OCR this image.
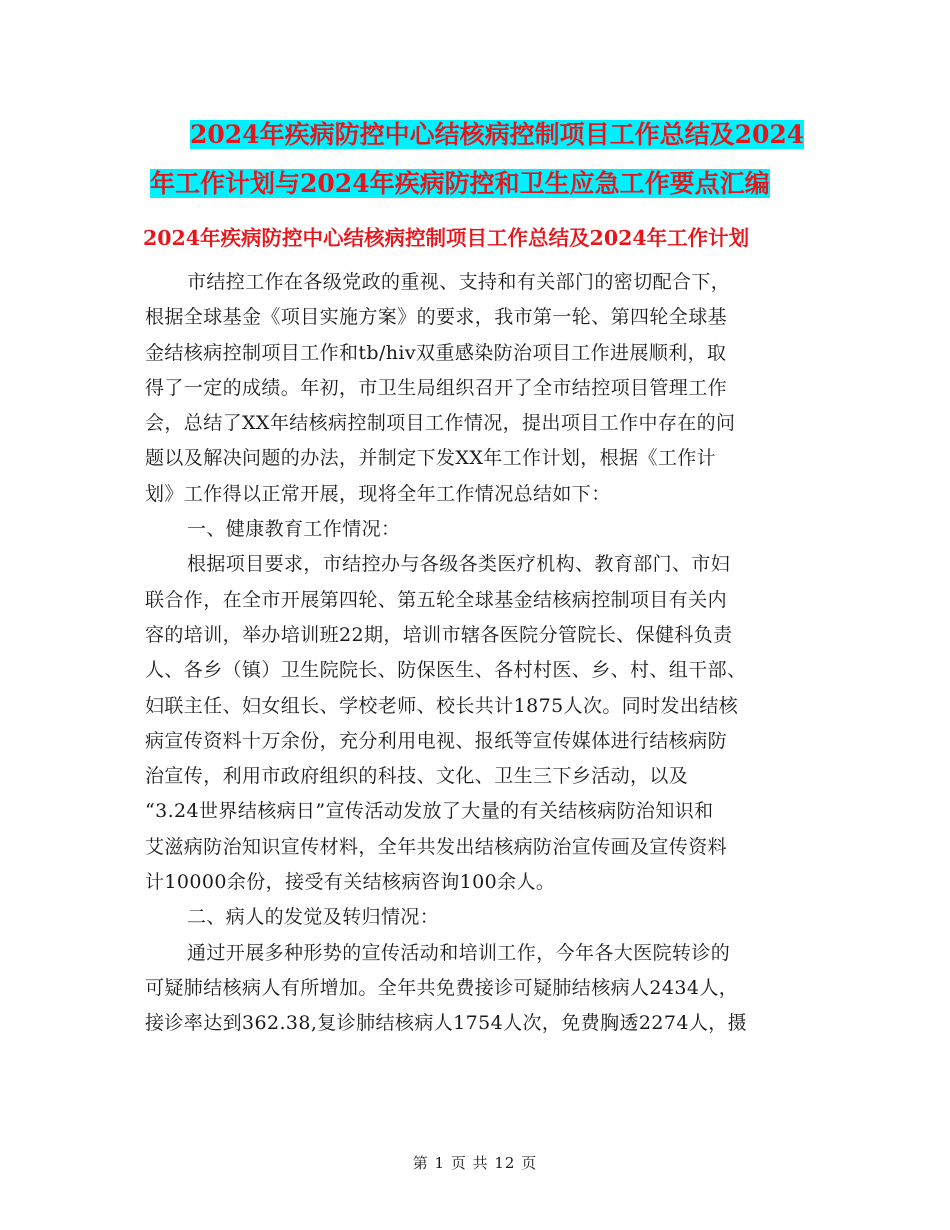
2024年疾病防控中心结核病控制项目工作总结及2024
年工作计划与2024年疾病防控和卫生应急工作要点汇编
2024年疾病防控中心结核病控制项目工作总结及2024年工作计划
市结控工作在各级党政的重视、支持和有关部门的密切配合下，
根据全球基金《项目实施方案》的要求，我市第一轮、第四轮全球基
金结核病控制项目工作和tb/hiv双重感染防治项目工作进展顺利，取
得了一定的成绩。年初，市卫生局组织召开了全市结控项目管理工作
会，总结了XX年结核病控制项目工作情况，提出项目工作中存在的问
题以及解决问题的办法，并制定下发XX年工作计划，根据《工作计
划》工作得以正常开展，现将全年工作情况总结如下：
一、健康教育工作情况：
根据项目要求，市结控办与各级各类医疗机构、教育部门、市妇
联合作，在全市开展第四轮、第五轮全球基金结核病控制项目有关内
容的培训，举办培训班22期，培训市辖各医院分管院长、保健科负责
人、各乡（镇）卫生院院长、防保医生、各村村医、乡、村、组干部、
妇联主任、妇女组长、学校老师、校长共计1875人次。同时发出结核
病宣传资料十万余份，充分利用电视、报纸等宣传媒体进行结核病防
治宣传，利用市政府组织的科技、文化、卫生三下乡活动，以及
“3.24世界结核病日”宣传活动发放了大量的有关结核病防治知识和
艾滋病防治知识宣传材料，全年共发出结核病防治宣传画及宣传资料
计10000余份，接受有关结核病咨询100余人。
二、病人的发觉及转归情况：
通过开展多种形势的宣传活动和培训工作，今年各大医院转诊的
可疑肺结核病人有所增加。全年共免费接诊可疑肺结核病人2434人，
接诊率达到362.38,复诊肺结核病人1754人次，免费胸透2274人，摄
第 1 页 共 12 页
